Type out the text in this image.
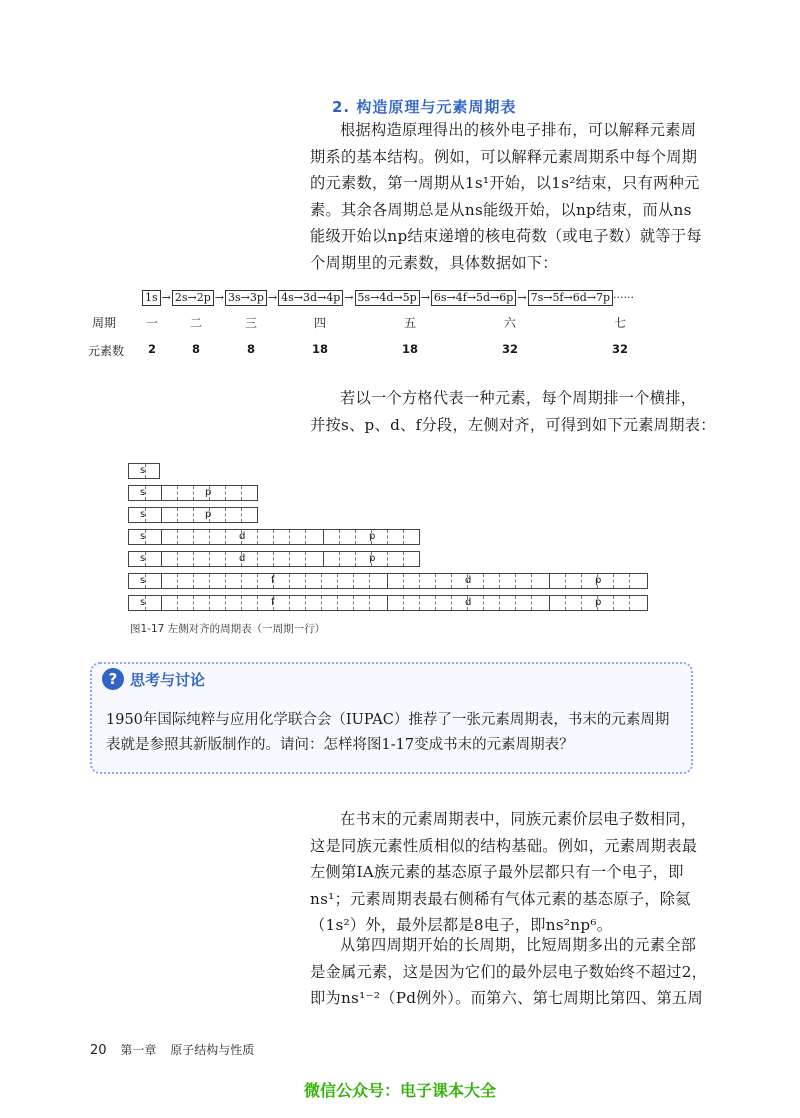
2. 构造原理与元素周期表
根据构造原理得出的核外电子排布，可以解释元素周
期系的基本结构。例如，可以解释元素周期系中每个周期
的元素数，第一周期从1s¹开始，以1s²结束，只有两种元
素。其余各周期总是从ns能级开始，以np结束，而从ns
能级开始以np结束递增的核电荷数（或电子数）就等于每
个周期里的元素数，具体数据如下：
1s → 2s→2p → 3s→3p → 4s→3d→4p → 5s→4d→5p → 6s→4f→5d→6p → 7s→5f→6d→7p ······
周期	一	二	三	四	五	六	七
元素数	2	8	8	18	18	32	32
若以一个方格代表一种元素，每个周期排一个横排，
并按s、p、d、f分段，左侧对齐，可得到如下元素周期表：
s
s	p
s	p
s	d	p
s	d	p
s	f	d	p
s	f	d	p
图1-17 左侧对齐的周期表（一周期一行）
? 思考与讨论
1950年国际纯粹与应用化学联合会（IUPAC）推荐了一张元素周期表，书末的元素周期表就是参照其新版制作的。请问：怎样将图1-17变成书末的元素周期表？
在书末的元素周期表中，同族元素价层电子数相同，
这是同族元素性质相似的结构基础。例如，元素周期表最
左侧第ⅠA族元素的基态原子最外层都只有一个电子，即
ns¹；元素周期表最右侧稀有气体元素的基态原子，除氦
（1s²）外，最外层都是8电子，即ns²np⁶。
从第四周期开始的长周期，比短周期多出的元素全部
是金属元素，这是因为它们的最外层电子数始终不超过2，
即为ns¹⁻²（Pd例外）。而第六、第七周期比第四、第五周
20 第一章 原子结构与性质
微信公众号：电子课本大全
